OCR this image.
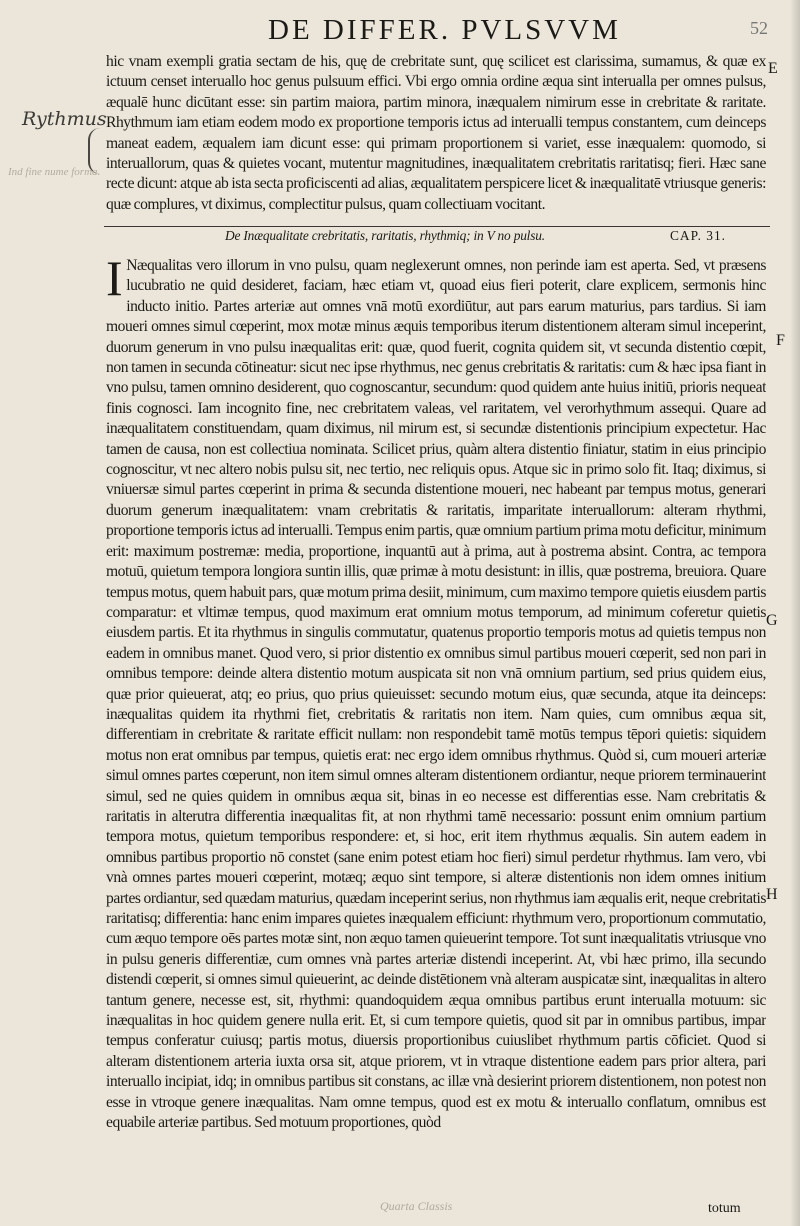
DE DIFFER. PVLSVVM	52
Rythmus
Ind fine nume forma.
hic vnam exempli gratia sectam de his, quę de crebritate sunt, quę scilicet est clarissima, sumamus, & quæ ex ictuum censet interuallo hoc genus pulsuum effici. Vbi ergo omnia ordine æqua sint interualla per omnes pulsus, æqualē hunc dicūtant esse: sin partim maiora, partim minora, inæqualem nimirum esse in crebritate & raritate. Rhythmum iam etiam eodem modo ex proportione temporis ictus ad interualli tempus constantem, cum deinceps maneat eadem, æqualem iam dicunt esse: qui primam proportionem si variet, esse inæqualem: quomodo, si interuallorum, quas & quietes vocant, mutentur magnitudines, inæqualitatem crebritatis raritatisq; fieri. Hæc sane recte dicunt: atque ab ista secta proficiscenti ad alias, æqualitatem perspicere licet & inæqualitatē vtriusque generis: quæ complures, vt diximus, complectitur pulsus, quam collectiuam vocitant.
De Inæqualitate crebritatis, raritatis, rhythmiq; in V no pulsu.	CAP. 31.
I Næqualitas vero illorum in vno pulsu, quam neglexerunt omnes, non perinde iam est aperta. Sed, vt præsens lucubratio ne quid desideret, faciam, hæc etiam vt, quoad eius fieri poterit, clare explicem, sermonis hinc inducto initio. Partes arteriæ aut omnes vnā motū exordiūtur, aut pars earum maturius, pars tardius. Si iam moueri omnes simul cœperint, mox motæ minus æquis temporibus iterum distentionem alteram simul inceperint, duorum generum in vno pulsu inæqualitas erit: quæ, quod fuerit, cognita quidem sit, vt secunda distentio cœpit, non tamen in secunda cōtineatur: sicut nec ipse rhythmus, nec genus crebritatis & raritatis: cum & hæc ipsa fiant in vno pulsu, tamen omnino desiderent, quo cognoscantur, secundum: quod quidem ante huius initiū, prioris nequeat finis cognosci. Iam incognito fine, nec crebritatem valeas, vel raritatem, vel verorhythmum assequi. Quare ad inæqualitatem constituendam, quam diximus, nil mirum est, si secundæ distentionis principium expectetur. Hac tamen de causa, non est collectiua nominata. Scilicet prius, quàm altera distentio finiatur, statim in eius principio cognoscitur, vt nec altero nobis pulsu sit, nec tertio, nec reliquis opus. Atque sic in primo solo fit. Itaq; diximus, si vniuersæ simul partes cœperint in prima & secunda distentione moueri, nec habeant par tempus motus, generari duorum generum inæqualitatem: vnam crebritatis & raritatis, imparitate interuallorum: alteram rhythmi, proportione temporis ictus ad interualli. Tempus enim partis, quæ omnium partium prima motu deficitur, minimum erit: maximum postremæ: media, proportione, inquantū aut à prima, aut à postrema absint. Contra, ac tempora motuū, quietum tempora longiora suntin illis, quæ primæ à motu desistunt: in illis, quæ postrema, breuiora. Quare tempus motus, quem habuit pars, quæ motum prima desiit, minimum, cum maximo tempore quietis eiusdem partis comparatur: et vltimæ tempus, quod maximum erat omnium motus temporum, ad minimum coferetur quietis eiusdem partis. Et ita rhythmus in singulis commutatur, quatenus proportio temporis motus ad quietis tempus non eadem in omnibus manet. Quod vero, si prior distentio ex omnibus simul partibus moueri cœperit, sed non pari in omnibus tempore: deinde altera distentio motum auspicata sit non vnā omnium partium, sed prius quidem eius, quæ prior quieuerat, atq; eo prius, quo prius quieuisset: secundo motum eius, quæ secunda, atque ita deinceps: inæqualitas quidem ita rhythmi fiet, crebritatis & raritatis non item. Nam quies, cum omnibus æqua sit, differentiam in crebritate & raritate efficit nullam: non respondebit tamē motūs tempus tēpori quietis: siquidem motus non erat omnibus par tempus, quietis erat: nec ergo idem omnibus rhythmus. Quòd si, cum moueri arteriæ simul omnes partes cœperunt, non item simul omnes alteram distentionem ordiantur, neque priorem terminauerint simul, sed ne quies quidem in omnibus æqua sit, binas in eo necesse est differentias esse. Nam crebritatis & raritatis in alterutra differentia inæqualitas fit, at non rhythmi tamē necessario: possunt enim omnium partium tempora motus, quietum temporibus respondere: et, si hoc, erit item rhythmus æqualis. Sin autem eadem in omnibus partibus proportio nō constet (sane enim potest etiam hoc fieri) simul perdetur rhythmus. Iam vero, vbi vnà omnes partes moueri cœperint, motæq; æquo sint tempore, si alteræ distentionis non idem omnes initium partes ordiantur, sed quædam maturius, quædam inceperint serius, non rhythmus iam æqualis erit, neque crebritatis raritatisq; differentia: hanc enim impares quietes inæqualem efficiunt: rhythmum vero, proportionum commutatio, cum æquo tempore oēs partes motæ sint, non æquo tamen quieuerint tempore. Tot sunt inæqualitatis vtriusque vno in pulsu generis differentiæ, cum omnes vnà partes arteriæ distendi inceperint. At, vbi hæc primo, illa secundo distendi cœperit, si omnes simul quieuerint, ac deinde distētionem vnà alteram auspicatæ sint, inæqualitas in altero tantum genere, necesse est, sit, rhythmi: quandoquidem æqua omnibus partibus erunt interualla motuum: sic inæqualitas in hoc quidem genere nulla erit. Et, si cum tempore quietis, quod sit par in omnibus partibus, impar tempus conferatur cuiusq; partis motus, diuersis proportionibus cuiuslibet rhythmum partis cōficiet. Quod si alteram distentionem arteria iuxta orsa sit, atque priorem, vt in vtraque distentione eadem pars prior altera, pari interuallo incipiat, idq; in omnibus partibus sit constans, ac illæ vnà desierint priorem distentionem, non potest non esse in vtroque genere inæqualitas. Nam omne tempus, quod est ex motu & interuallo conflatum, omnibus est equabile arteriæ partibus. Sed motuum proportiones, quòd
E
F
G
H
Quarta Classis	totum
